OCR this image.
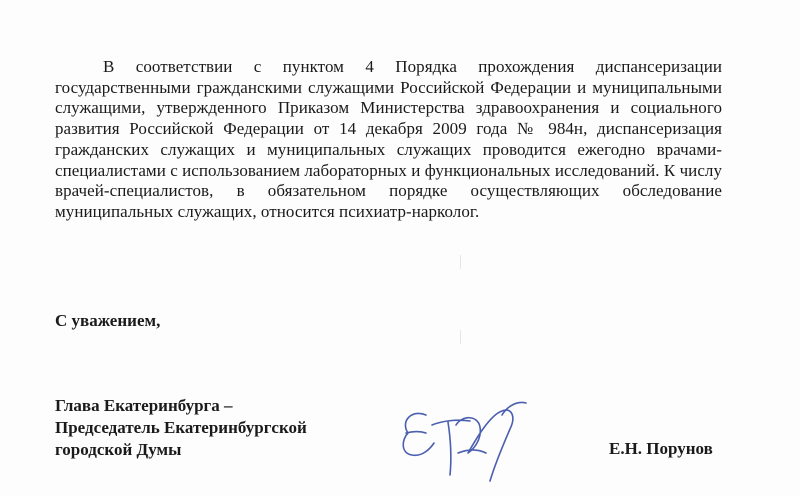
В соответствии с пунктом 4 Порядка прохождения диспансеризации государственными гражданскими служащими Российской Федерации и муниципальными служащими, утвержденного Приказом Министерства здравоохранения и социального развития Российской Федерации от 14 декабря 2009 года № 984н, диспансеризация гражданских служащих и муниципальных служащих проводится ежегодно врачами-специалистами с использованием лабораторных и функциональных исследований. К числу врачей-специалистов, в обязательном порядке осуществляющих обследование муниципальных служащих, относится психиатр-нарколог.

С уважением,

Глава Екатеринбурга –
Председатель Екатеринбургской
городской Думы	Е.Н. Порунов
